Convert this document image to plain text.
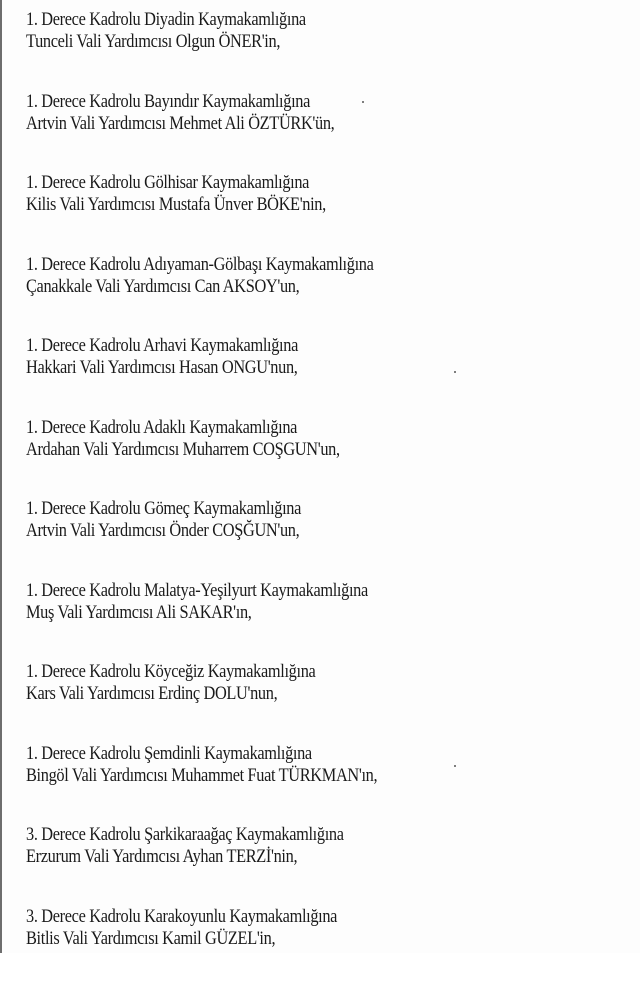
1. Derece Kadrolu Diyadin Kaymakamlığına
Tunceli Vali Yardımcısı Olgun ÖNER'in,
1. Derece Kadrolu Bayındır Kaymakamlığına
Artvin Vali Yardımcısı Mehmet Ali ÖZTÜRK'ün,
1. Derece Kadrolu Gölhisar Kaymakamlığına
Kilis Vali Yardımcısı Mustafa Ünver BÖKE'nin,
1. Derece Kadrolu Adıyaman-Gölbaşı Kaymakamlığına
Çanakkale Vali Yardımcısı Can AKSOY'un,
1. Derece Kadrolu Arhavi Kaymakamlığına
Hakkari Vali Yardımcısı Hasan ONGU'nun,
1. Derece Kadrolu Adaklı Kaymakamlığına
Ardahan Vali Yardımcısı Muharrem COŞGUN'un,
1. Derece Kadrolu Gömeç Kaymakamlığına
Artvin Vali Yardımcısı Önder COŞĞUN'un,
1. Derece Kadrolu Malatya-Yeşilyurt Kaymakamlığına
Muş Vali Yardımcısı Ali SAKAR'ın,
1. Derece Kadrolu Köyceğiz Kaymakamlığına
Kars Vali Yardımcısı Erdinç DOLU'nun,
1. Derece Kadrolu Şemdinli Kaymakamlığına
Bingöl Vali Yardımcısı Muhammet Fuat TÜRKMAN'ın,
3. Derece Kadrolu Şarkikaraağaç Kaymakamlığına
Erzurum Vali Yardımcısı Ayhan TERZİ'nin,
3. Derece Kadrolu Karakoyunlu Kaymakamlığına
Bitlis Vali Yardımcısı Kamil GÜZEL'in,
